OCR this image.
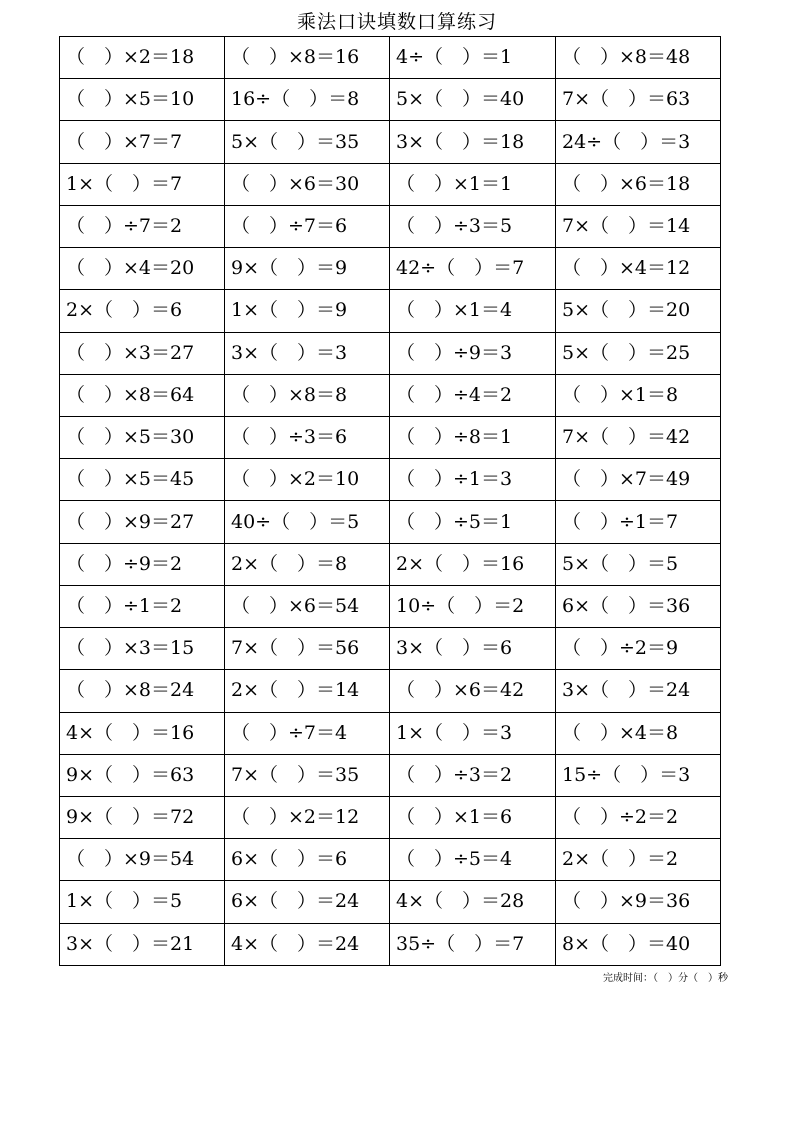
乘法口诀填数口算练习
（　）×2＝18	（　）×8＝16	4÷（　）＝1	（　）×8＝48
（　）×5＝10	16÷（　）＝8	5×（　）＝40	7×（　）＝63
（　）×7＝7	5×（　）＝35	3×（　）＝18	24÷（　）＝3
1×（　）＝7	（　）×6＝30	（　）×1＝1	（　）×6＝18
（　）÷7＝2	（　）÷7＝6	（　）÷3＝5	7×（　）＝14
（　）×4＝20	9×（　）＝9	42÷（　）＝7	（　）×4＝12
2×（　）＝6	1×（　）＝9	（　）×1＝4	5×（　）＝20
（　）×3＝27	3×（　）＝3	（　）÷9＝3	5×（　）＝25
（　）×8＝64	（　）×8＝8	（　）÷4＝2	（　）×1＝8
（　）×5＝30	（　）÷3＝6	（　）÷8＝1	7×（　）＝42
（　）×5＝45	（　）×2＝10	（　）÷1＝3	（　）×7＝49
（　）×9＝27	40÷（　）＝5	（　）÷5＝1	（　）÷1＝7
（　）÷9＝2	2×（　）＝8	2×（　）＝16	5×（　）＝5
（　）÷1＝2	（　）×6＝54	10÷（　）＝2	6×（　）＝36
（　）×3＝15	7×（　）＝56	3×（　）＝6	（　）÷2＝9
（　）×8＝24	2×（　）＝14	（　）×6＝42	3×（　）＝24
4×（　）＝16	（　）÷7＝4	1×（　）＝3	（　）×4＝8
9×（　）＝63	7×（　）＝35	（　）÷3＝2	15÷（　）＝3
9×（　）＝72	（　）×2＝12	（　）×1＝6	（　）÷2＝2
（　）×9＝54	6×（　）＝6	（　）÷5＝4	2×（　）＝2
1×（　）＝5	6×（　）＝24	4×（　）＝28	（　）×9＝36
3×（　）＝21	4×（　）＝24	35÷（　）＝7	8×（　）＝40
完成时间：（　）分（　）秒
